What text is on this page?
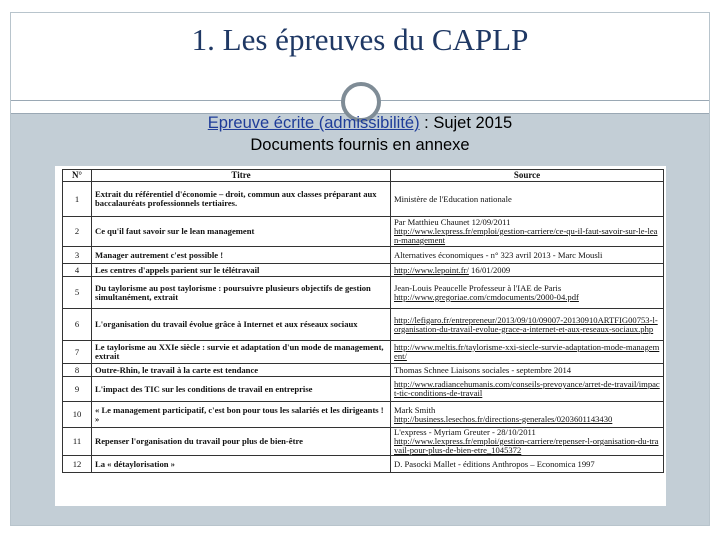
1. Les épreuves du CAPLP
Epreuve écrite (admissibilité) : Sujet 2015
Documents fournis en annexe
N°	Titre	Source
1	Extrait du référentiel d'économie – droit, commun aux classes préparant aux baccalauréats professionnels tertiaires.	Ministère de l'Education nationale

2	Ce qu'il faut savoir sur le lean management	Par Matthieu Chaunet 12/09/2011
http://www.lexpress.fr/emploi/gestion-carriere/ce-qu-il-faut-savoir-sur-le-lean-management
3	Manager autrement c'est possible !	Alternatives économiques - n° 323 avril 2013 - Marc Mousli

4	Les centres d'appels parient sur le télétravail	http://www.lepoint.fr/ 16/01/2009
5	Du taylorisme au post taylorisme : poursuivre plusieurs objectifs de gestion simultanément, extrait	Jean-Louis Peaucelle Professeur à l'IAE de Paris
http://www.gregoriae.com/cmdocuments/2000-04.pdf
6	L'organisation du travail évolue grâce à Internet et aux réseaux sociaux	http://lefigaro.fr/entrepreneur/2013/09/10/09007-20130910ARTFIG00753-l-organisation-du-travail-evolue-grace-a-internet-et-aux-reseaux-sociaux.php
7	Le taylorisme au XXIe siècle : survie et adaptation d'un mode de management, extrait	http://www.meltis.fr/taylorisme-xxi-siecle-survie-adaptation-mode-management/
8	Outre-Rhin, le travail à la carte est tendance	Thomas Schnee Liaisons sociales - septembre 2014

9	L'impact des TIC sur les conditions de travail en entreprise	http://www.radiancehumanis.com/conseils-prevoyance/arret-de-travail/impact-tic-conditions-de-travail
10	« Le management participatif, c'est bon pour tous les salariés et les dirigeants ! »	Mark Smith
http://business.lesechos.fr/directions-generales/0203601143430
11	Repenser l'organisation du travail pour plus de bien-être	L'express - Myriam Greuter - 28/10/2011
http://www.lexpress.fr/emploi/gestion-carriere/repenser-l-organisation-du-travail-pour-plus-de-bien-etre_1045372
12	La « détaylorisation »	D. Pasocki Mallet - éditions Anthropos – Economica 1997
